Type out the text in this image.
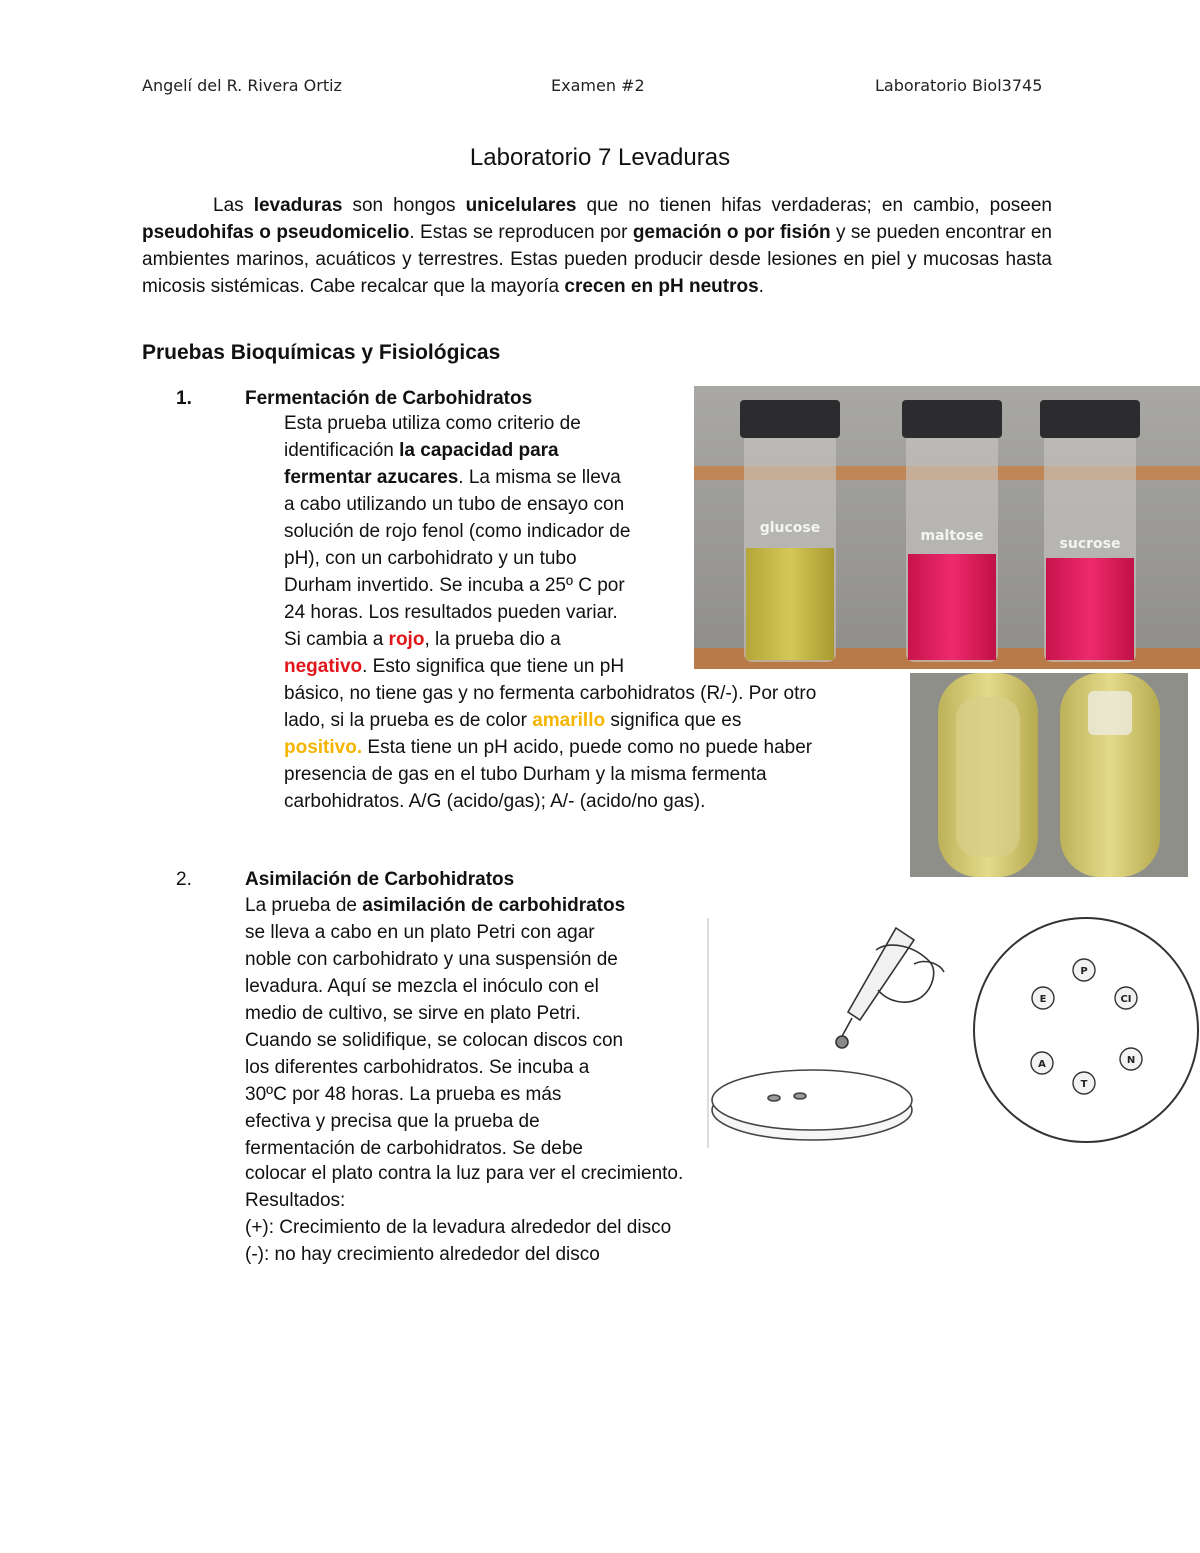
Angelí del R. Rivera Ortiz	Examen #2	Laboratorio Biol3745
Laboratorio 7 Levaduras

Las levaduras son hongos unicelulares que no tienen hifas verdaderas; en cambio, poseen pseudohifas o pseudomicelio. Estas se reproducen por gemación o por fisión y se pueden encontrar en ambientes marinos, acuáticos y terrestres. Estas pueden producir desde lesiones en piel y mucosas hasta micosis sistémicas. Cabe recalcar que la mayoría crecen en pH neutros.

Pruebas Bioquímicas y Fisiológicas
1.	Fermentación de Carbohidratos
Esta prueba utiliza como criterio de
identificación la capacidad para
fermentar azucares. La misma se lleva
a cabo utilizando un tubo de ensayo con
solución de rojo fenol (como indicador de
pH), con un carbohidrato y un tubo
Durham invertido. Se incuba a 25º C por
24 horas. Los resultados pueden variar.
Si cambia a rojo, la prueba dio a
negativo. Esto significa que tiene un pH
básico, no tiene gas y no fermenta carbohidratos (R/-). Por otro
lado, si la prueba es de color amarillo significa que es
positivo. Esta tiene un pH acido, puede como no puede haber
presencia de gas en el tubo Durham y la misma fermenta
carbohidratos. A/G (acido/gas); A/- (acido/no gas).
glucose	maltose	sucrose
2.	Asimilación de Carbohidratos
La prueba de asimilación de carbohidratos
se lleva a cabo en un plato Petri con agar
noble con carbohidrato y una suspensión de
levadura. Aquí se mezcla el inóculo con el
medio de cultivo, se sirve en plato Petri.
Cuando se solidifique, se colocan discos con
los diferentes carbohidratos. Se incuba a
30ºC por 48 horas. La prueba es más
efectiva y precisa que la prueba de
fermentación de carbohidratos. Se debe
colocar el plato contra la luz para ver el crecimiento.
Resultados:
(+): Crecimiento de la levadura alrededor del disco
(-): no hay crecimiento alrededor del disco
P
E	CI
A	N
T
